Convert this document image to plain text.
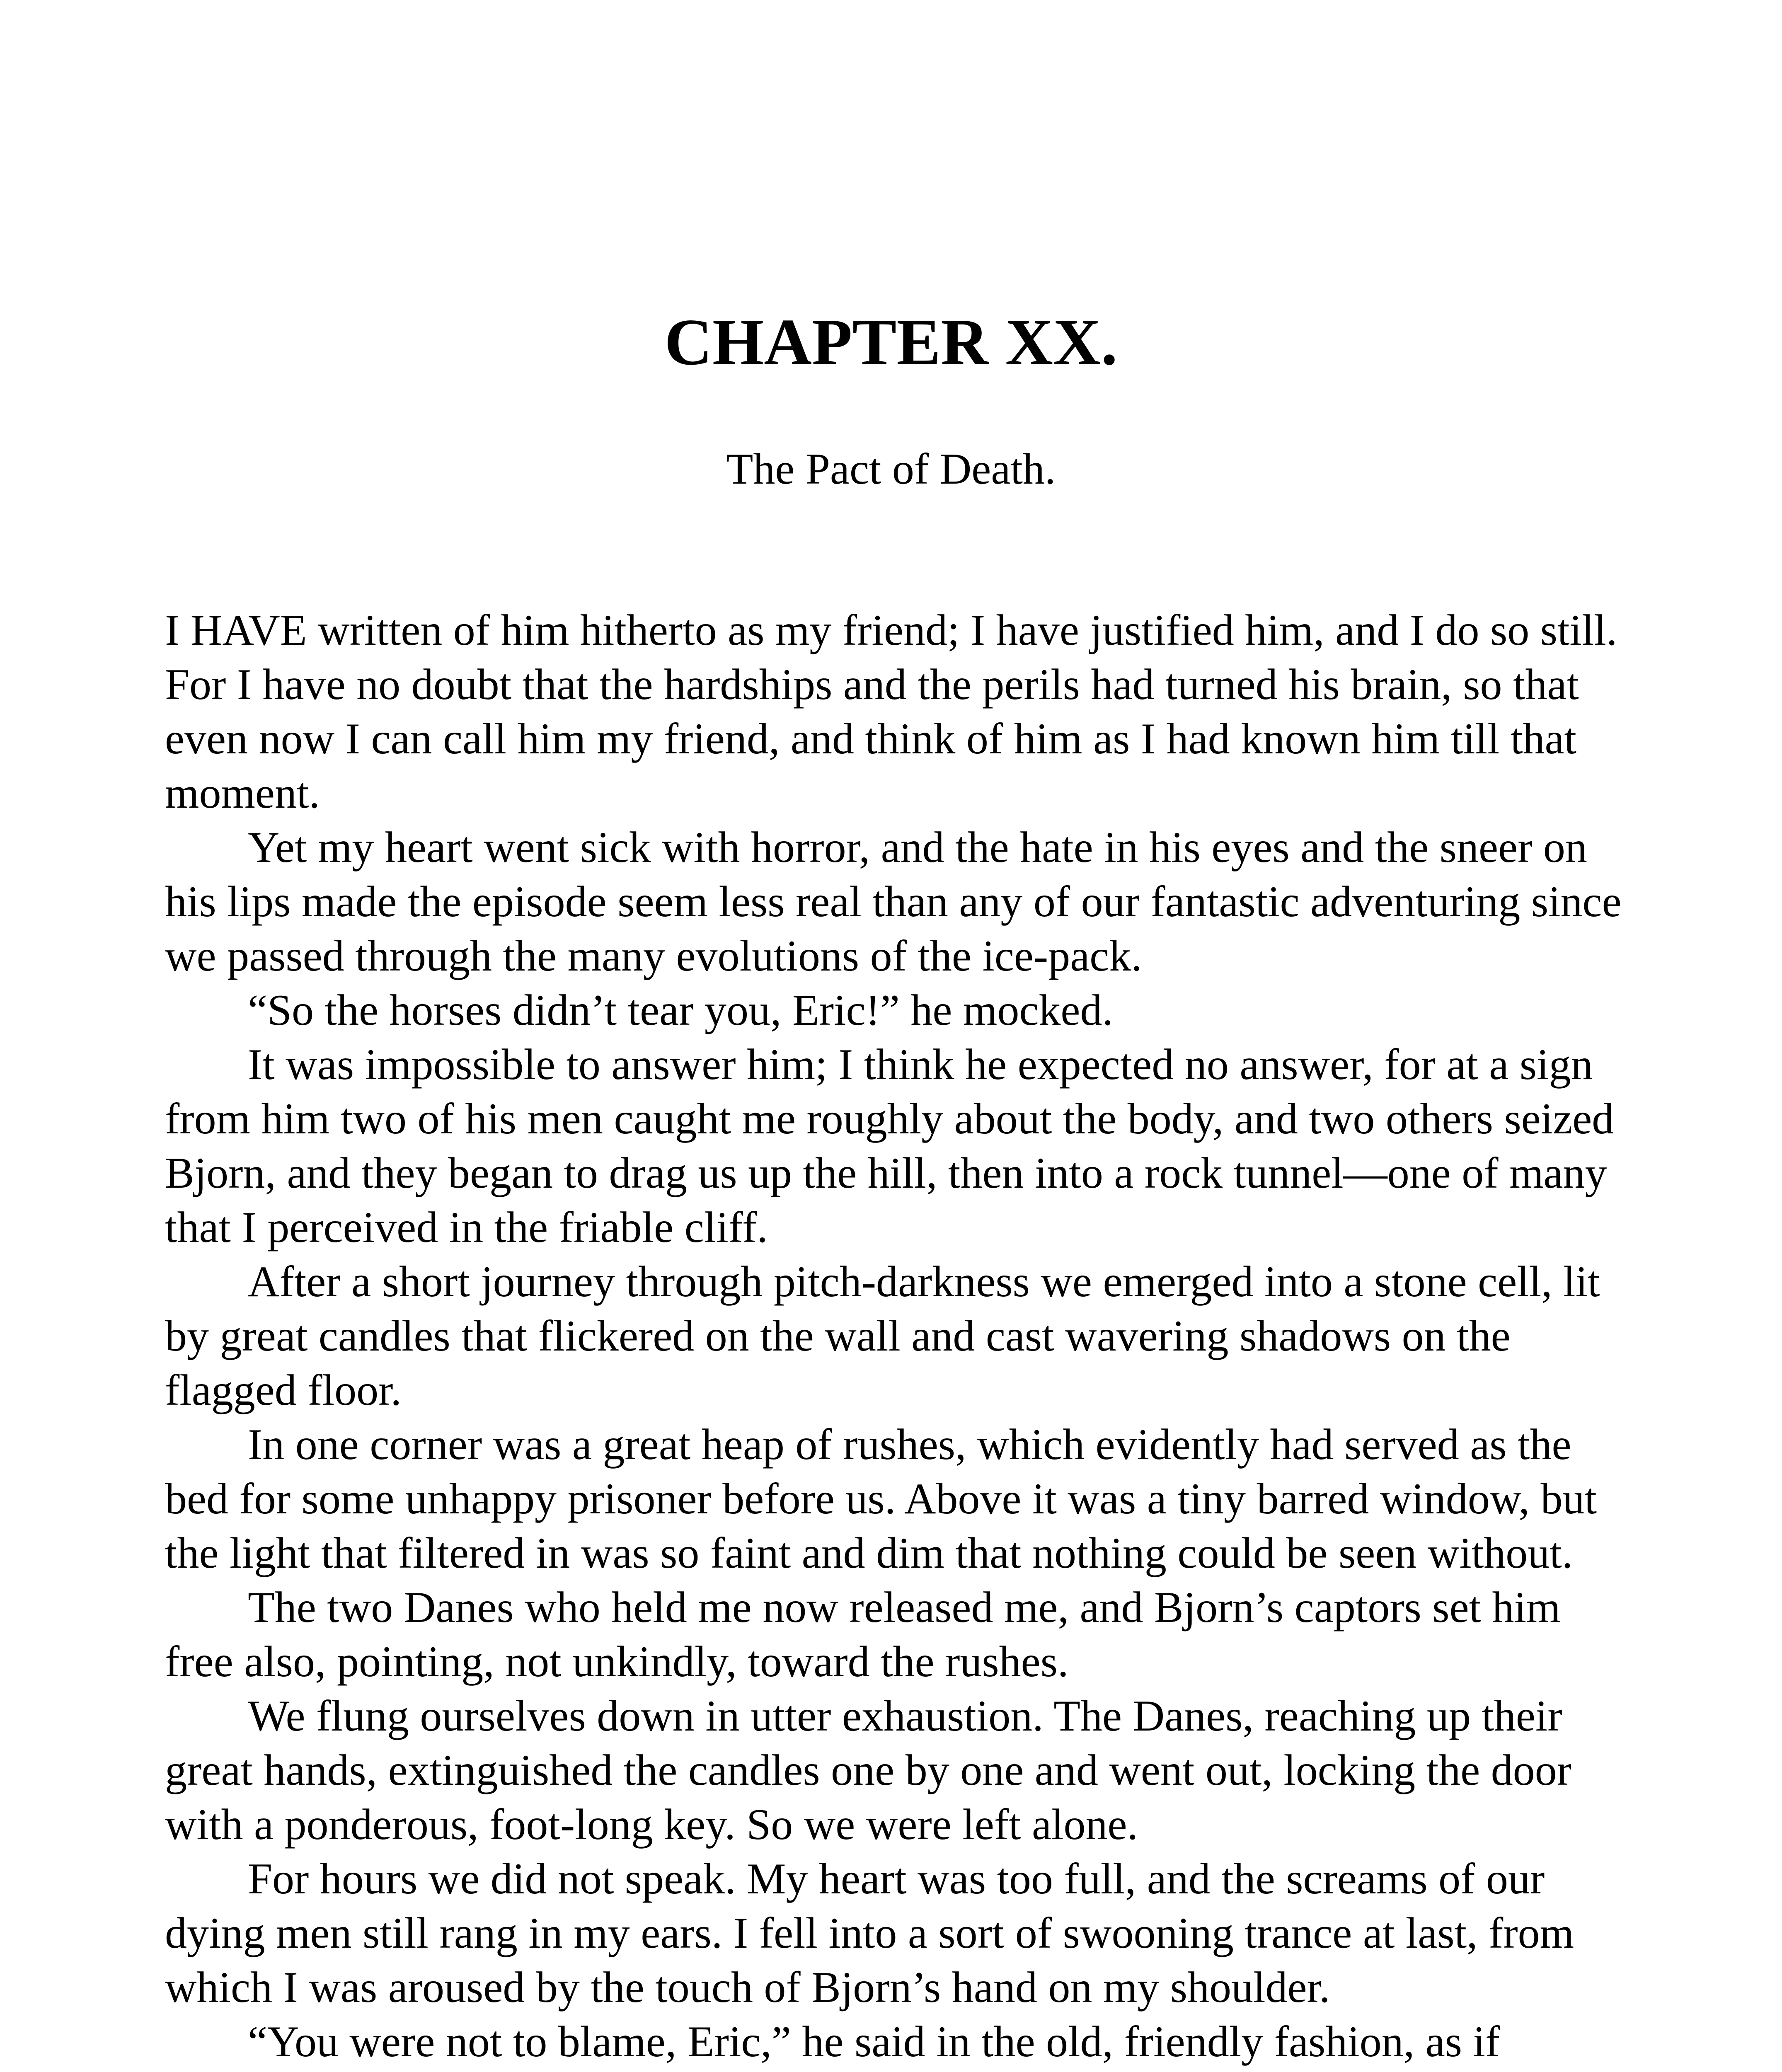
CHAPTER XX.
The Pact of Death.

I HAVE written of him hitherto as my friend; I have justified him, and I do so still. For I have no doubt that the hardships and the perils had turned his brain, so that even now I can call him my friend, and think of him as I had known him till that moment.

Yet my heart went sick with horror, and the hate in his eyes and the sneer on his lips made the episode seem less real than any of our fantastic adventuring since we passed through the many evolutions of the ice-pack.

“So the horses didn’t tear you, Eric!” he mocked.

It was impossible to answer him; I think he expected no answer, for at a sign from him two of his men caught me roughly about the body, and two others seized Bjorn, and they began to drag us up the hill, then into a rock tunnel—one of many that I perceived in the friable cliff.

After a short journey through pitch-darkness we emerged into a stone cell, lit by great candles that flickered on the wall and cast wavering shadows on the flagged floor.

In one corner was a great heap of rushes, which evidently had served as the bed for some unhappy prisoner before us. Above it was a tiny barred window, but the light that filtered in was so faint and dim that nothing could be seen without.

The two Danes who held me now released me, and Bjorn’s captors set him free also, pointing, not unkindly, toward the rushes.

We flung ourselves down in utter exhaustion. The Danes, reaching up their great hands, extinguished the candles one by one and went out, locking the door with a ponderous, foot-long key. So we were left alone.

For hours we did not speak. My heart was too full, and the screams of our dying men still rang in my ears. I fell into a sort of swooning trance at last, from which I was aroused by the touch of Bjorn’s hand on my shoulder.

“You were not to blame, Eric,” he said in the old, friendly fashion, as if
